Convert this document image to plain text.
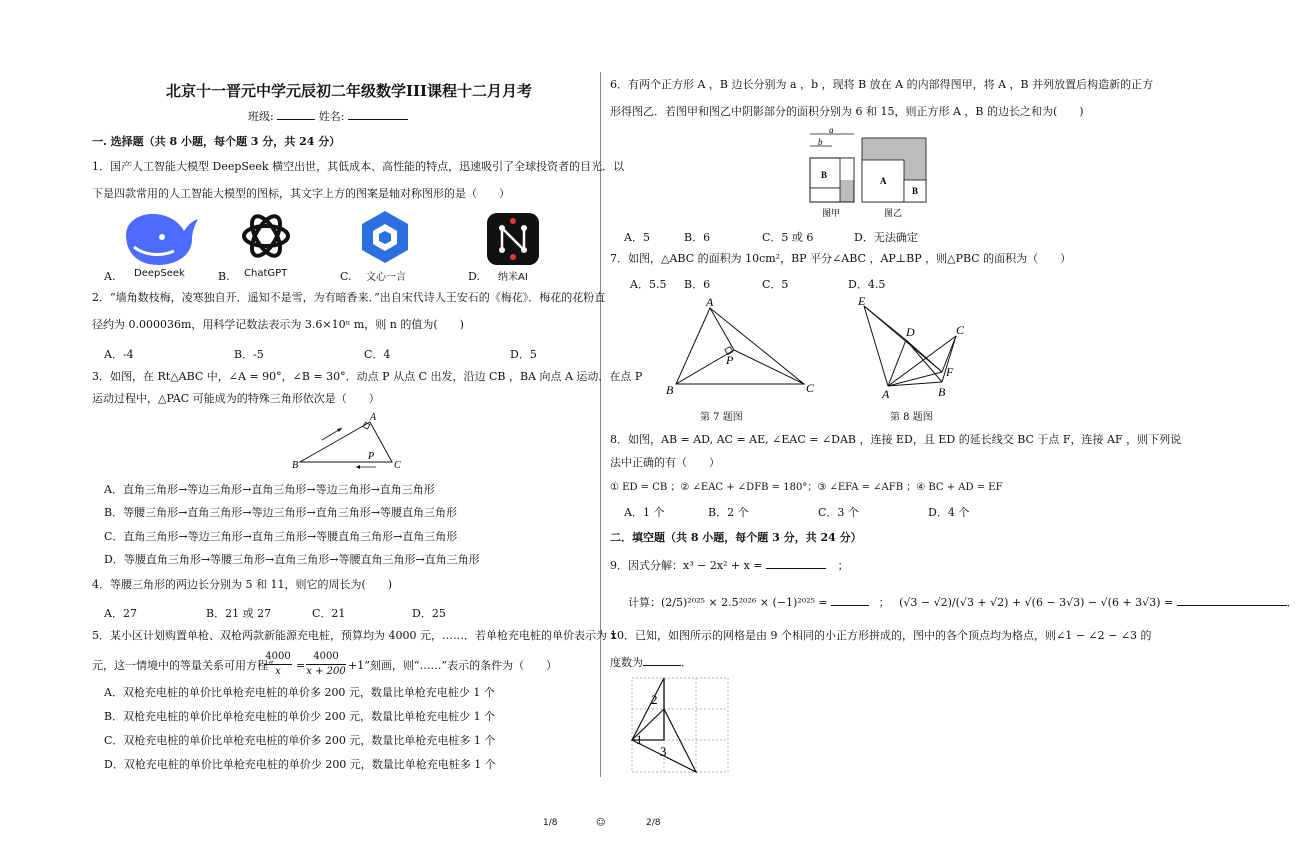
北京十一晋元中学元辰初二年级数学III课程十二月月考
班级:	姓名:
一. 选择题（共 8 小题，每个题 3 分，共 24 分）
1．国产人工智能大模型 DeepSeek 横空出世，其低成本、高性能的特点，迅速吸引了全球投资者的目光．以
下是四款常用的人工智能大模型的图标，其文字上方的图案是轴对称图形的是（　　）
A. DeepSeek	B. ChatGPT	C. 文心一言	D. 纳米AI
2．“墙角数枝梅，凌寒独自开．遥知不是雪，为有暗香来．”出自宋代诗人王安石的《梅花》．梅花的花粉直
径约为 0.000036m，用科学记数法表示为 3.6×10ⁿ m，则 n 的值为(　　)
A．-4	B．-5	C．4	D．5
3．如图，在 Rt△ABC 中，∠A = 90°，∠B = 30°．动点 P 从点 C 出发，沿边 CB ，BA 向点 A 运动．在点 P
运动过程中，△PAC 可能成为的特殊三角形依次是（　　）
A
B	C
P
A．直角三角形→等边三角形→直角三角形→等边三角形→直角三角形
B．等腰三角形→直角三角形→等边三角形→直角三角形→等腰直角三角形
C．直角三角形→等边三角形→直角三角形→等腰直角三角形→直角三角形
D．等腰直角三角形→等腰三角形→直角三角形→等腰直角三角形→直角三角形
4．等腰三角形的两边长分别为 5 和 11，则它的周长为(　　)
A．27	B．21 或 27	C．21	D．25
5．某小区计划购置单枪、双枪两款新能源充电桩，预算均为 4000 元，……．若单枪充电桩的单价表示为 x
元，这一情境中的等量关系可用方程“
$\frac{4000}{x} = \frac{4000}{x + 200} +1$”刻画，则“……”表示的条件为（　　）
A．双枪充电桩的单价比单枪充电桩的单价多 200 元，数量比单枪充电桩少 1 个
B．双枪充电桩的单价比单枪充电桩的单价少 200 元，数量比单枪充电桩少 1 个
C．双枪充电桩的单价比单枪充电桩的单价多 200 元，数量比单枪充电桩多 1 个
D．双枪充电桩的单价比单枪充电桩的单价少 200 元，数量比单枪充电桩多 1 个
6．有两个正方形 A ，B 边长分别为 a ，b ，现将 B 放在 A 的内部得图甲，将 A ，B 并列放置后构造新的正方
形得图乙．若图甲和图乙中阴影部分的面积分别为 6 和 15，则正方形 A ，B 的边长之和为(　　)
a
b
B
图甲
A
B
图乙
A．5	B．6	C．5 或 6	D．无法确定
7．如图，△ABC 的面积为 10cm²，BP 平分∠ABC ，AP⊥BP ，则△PBC 的面积为（　　）
A．5.5 B．6	C．5	D．4.5
A
B	C
P
第 7 题图
E
D	C
F
A	B
第 8 题图
8．如图，AB = AD, AC = AE, ∠EAC = ∠DAB ，连接 ED，且 ED 的延长线交 BC 于点 F，连接 AF ，则下列说
法中正确的有（　　）
① ED = CB ；② ∠EAC + ∠DFB = 180°；③ ∠EFA = ∠AFB ；④ BC + AD = EF
A．1 个	B．2 个	C．3 个	D．4 个
二．填空题（共 8 小题，每个题 3 分，共 24 分）
9．因式分解：x³ − 2x² + x =	；
计算：(2/5)²⁰²⁵ × 2.5²⁰²⁶ × (−1)²⁰²⁵ =	； (√3 − √2)/(√3 + √2) + √(6 − 3√3) − √(6 + 3√3) =	．
10．已知，如图所示的网格是由 9 个相同的小正方形拼成的，图中的各个顶点均为格点，则∠1 − ∠2 − ∠3 的
度数为	．
2
1
3
1/8	☺	2/8
